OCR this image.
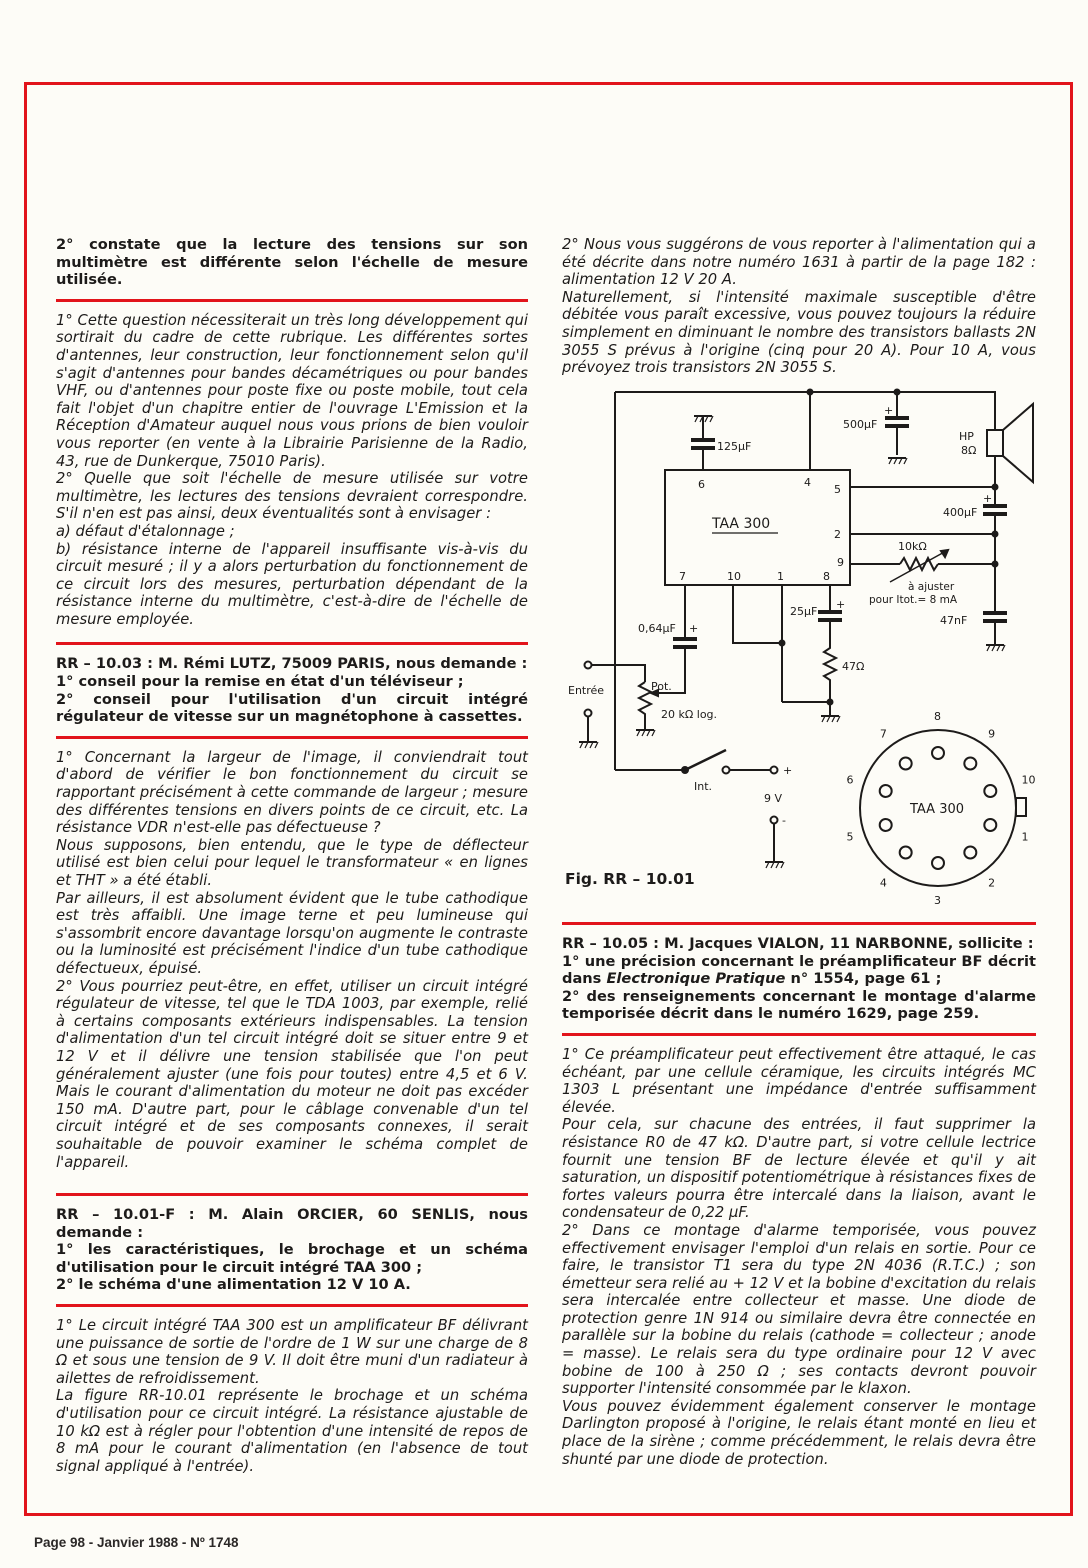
2° constate que la lecture des tensions sur son multimètre est différente selon l'échelle de mesure utilisée.

1° Cette question nécessiterait un très long développement qui sortirait du cadre de cette rubrique. Les différentes sortes d'antennes, leur construction, leur fonctionnement selon qu'il s'agit d'antennes pour bandes décamétriques ou pour bandes VHF, ou d'antennes pour poste fixe ou poste mobile, tout cela fait l'objet d'un chapitre entier de l'ouvrage L'Emission et la Réception d'Amateur auquel nous vous prions de bien vouloir vous reporter (en vente à la Librairie Parisienne de la Radio, 43, rue de Dunkerque, 75010 Paris).
2° Quelle que soit l'échelle de mesure utilisée sur votre multimètre, les lectures des tensions devraient correspondre. S'il n'en est pas ainsi, deux éventualités sont à envisager :
a) défaut d'étalonnage ;
b) résistance interne de l'appareil insuffisante vis-à-vis du circuit mesuré ; il y a alors perturbation du fonctionnement de ce circuit lors des mesures, perturbation dépendant de la résistance interne du multimètre, c'est-à-dire de l'échelle de mesure employée.
RR – 10.03 : M. Rémi LUTZ, 75009 PARIS, nous demande :
1° conseil pour la remise en état d'un téléviseur ;
2° conseil pour l'utilisation d'un circuit intégré régulateur de vitesse sur un magnétophone à cassettes.
1° Concernant la largeur de l'image, il conviendrait tout d'abord de vérifier le bon fonctionnement du circuit se rapportant précisément à cette commande de largeur ; mesure des différentes tensions en divers points de ce circuit, etc. La résistance VDR n'est-elle pas défectueuse ?
Nous supposons, bien entendu, que le type de déflecteur utilisé est bien celui pour lequel le transformateur « en lignes et THT » a été établi.
Par ailleurs, il est absolument évident que le tube cathodique est très affaibli. Une image terne et peu lumineuse qui s'assombrit encore davantage lorsqu'on augmente le contraste ou la luminosité est précisément l'indice d'un tube cathodique défectueux, épuisé.
2° Vous pourriez peut-être, en effet, utiliser un circuit intégré régulateur de vitesse, tel que le TDA 1003, par exemple, relié à certains composants extérieurs indispensables. La tension d'alimentation d'un tel circuit intégré doit se situer entre 9 et 12 V et il délivre une tension stabilisée que l'on peut généralement ajuster (une fois pour toutes) entre 4,5 et 6 V. Mais le courant d'alimentation du moteur ne doit pas excéder 150 mA. D'autre part, pour le câblage convenable d'un tel circuit intégré et de ses composants connexes, il serait souhaitable de pouvoir examiner le schéma complet de l'appareil.
RR – 10.01-F : M. Alain ORCIER, 60 SENLIS, nous demande :
1° les caractéristiques, le brochage et un schéma d'utilisation pour le circuit intégré TAA 300 ;
2° le schéma d'une alimentation 12 V 10 A.
1° Le circuit intégré TAA 300 est un amplificateur BF délivrant une puissance de sortie de l'ordre de 1 W sur une charge de 8 Ω et sous une tension de 9 V. Il doit être muni d'un radiateur à ailettes de refroidissement.
La figure RR-10.01 représente le brochage et un schéma d'utilisation pour ce circuit intégré. La résistance ajustable de 10 kΩ est à régler pour l'obtention d'une intensité de repos de 8 mA pour le courant d'alimentation (en l'absence de tout signal appliqué à l'entrée).
2° Nous vous suggérons de vous reporter à l'alimentation qui a été décrite dans notre numéro 1631 à partir de la page 182 : alimentation 12 V 20 A.
Naturellement, si l'intensité maximale susceptible d'être débitée vous paraît excessive, vous pouvez toujours la réduire simplement en diminuant le nombre des transistors ballasts 2N 3055 S prévus à l'origine (cinq pour 20 A). Pour 10 A, vous prévoyez trois transistors 2N 3055 S.
500µF
+
125µF
TAA 300
6	4
5
2
9
7	10	1	8
HP
8Ω
+
400µF
47nF
10kΩ
à ajuster
pour Itot.= 8 mA
25µF
+
47Ω
0,64µF +
Pot.
20 kΩ log.
Entrée
Int.
+
9 V
-
1
2
3
4
5
6
7
8
9
10
TAA 300
Fig. RR – 10.01
RR – 10.05 : M. Jacques VIALON, 11 NARBONNE, sollicite :
1° une précision concernant le préamplificateur BF décrit dans Electronique Pratique n° 1554, page 61 ;
2° des renseignements concernant le montage d'alarme temporisée décrit dans le numéro 1629, page 259.
1° Ce préamplificateur peut effectivement être attaqué, le cas échéant, par une cellule céramique, les circuits intégrés MC 1303 L présentant une impédance d'entrée suffisamment élevée.
Pour cela, sur chacune des entrées, il faut supprimer la résistance R0 de 47 kΩ. D'autre part, si votre cellule lectrice fournit une tension BF de lecture élevée et qu'il y ait saturation, un dispositif potentiométrique à résistances fixes de fortes valeurs pourra être intercalé dans la liaison, avant le condensateur de 0,22 µF.
2° Dans ce montage d'alarme temporisée, vous pouvez effectivement envisager l'emploi d'un relais en sortie. Pour ce faire, le transistor T1 sera du type 2N 4036 (R.T.C.) ; son émetteur sera relié au + 12 V et la bobine d'excitation du relais sera intercalée entre collecteur et masse. Une diode de protection genre 1N 914 ou similaire devra être connectée en parallèle sur la bobine du relais (cathode = collecteur ; anode = masse). Le relais sera du type ordinaire pour 12 V avec bobine de 100 à 250 Ω ; ses contacts devront pouvoir supporter l'intensité consommée par le klaxon.
Vous pouvez évidemment également conserver le montage Darlington proposé à l'origine, le relais étant monté en lieu et place de la sirène ; comme précédemment, le relais devra être shunté par une diode de protection.
Page 98 - Janvier 1988 - Nº 1748
